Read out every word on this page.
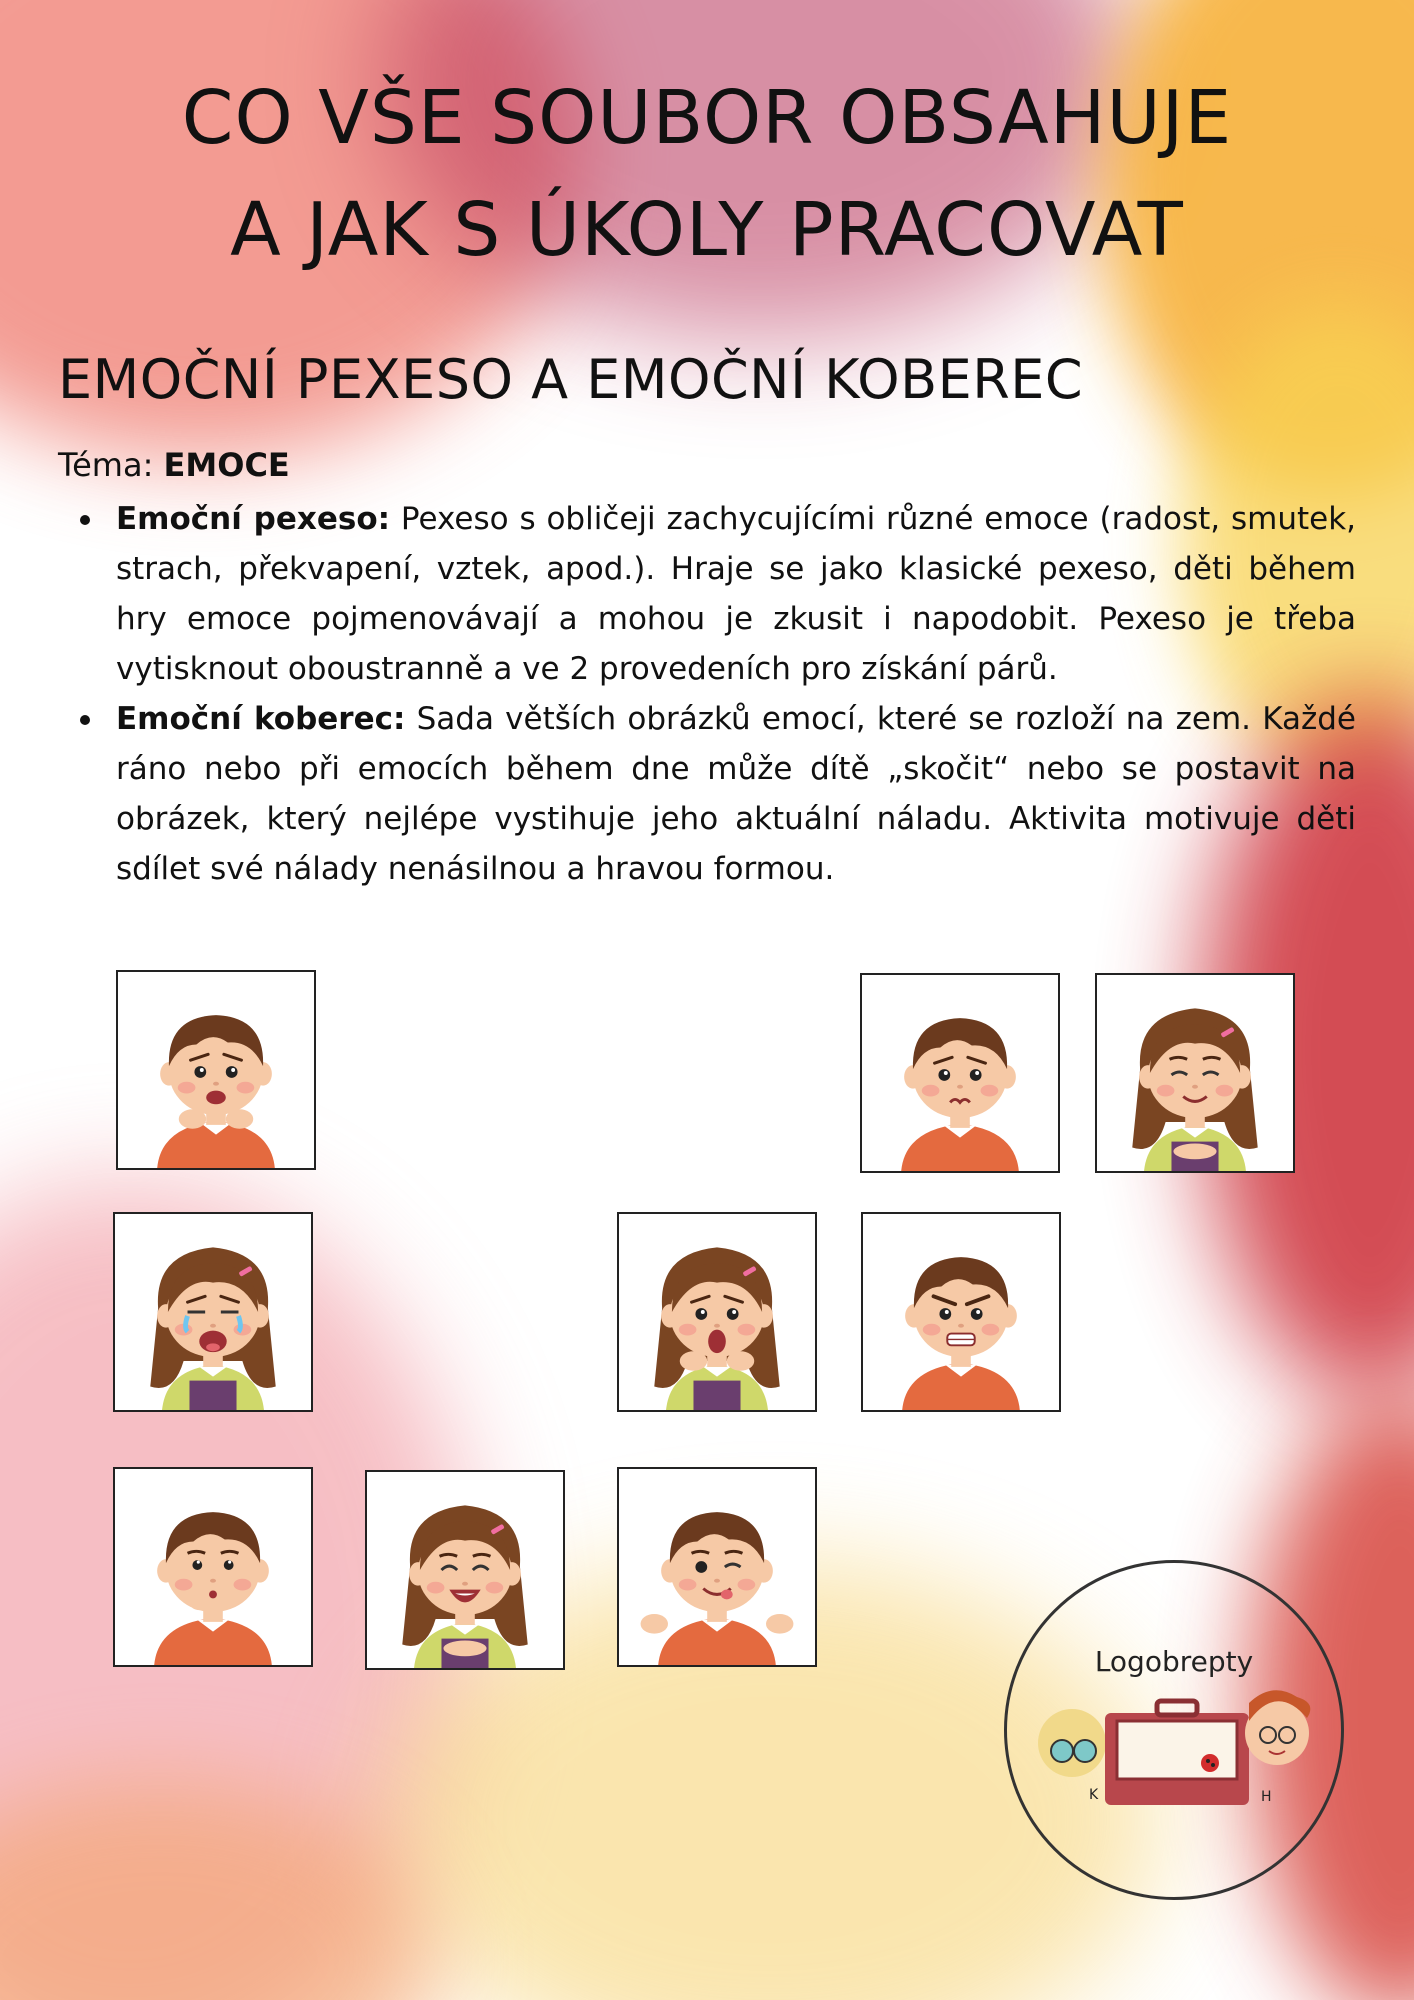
CO VŠE SOUBOR OBSAHUJE
A JAK S ÚKOLY PRACOVAT
EMOČNÍ PEXESO A EMOČNÍ KOBEREC
Téma: EMOCE
Emoční pexeso: Pexeso s obličeji zachycujícími různé emoce (radost, smutek, strach, překvapení, vztek, apod.). Hraje se jako klasické pexeso, děti během hry emoce pojmenovávají a mohou je zkusit i napodobit. Pexeso je třeba vytisknout oboustranně a ve 2 provedeních pro získání párů.
Emoční koberec: Sada větších obrázků emocí, které se rozloží na zem. Každé ráno nebo při emocích během dne může dítě „skočit“ nebo se postavit na obrázek, který nejlépe vystihuje jeho aktuální náladu. Aktivita motivuje děti sdílet své nálady nenásilnou a hravou formou.
Logobrepty
K	H
